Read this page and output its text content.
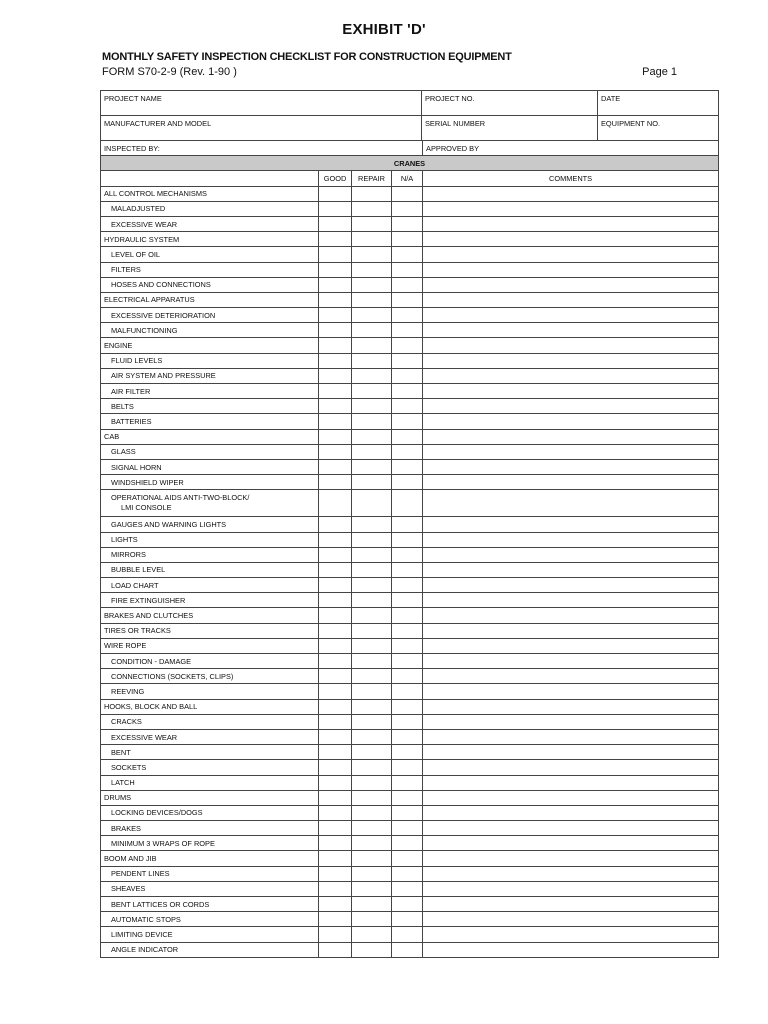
EXHIBIT 'D'
MONTHLY SAFETY INSPECTION CHECKLIST FOR CONSTRUCTION EQUIPMENT
FORM S70-2-9 (Rev. 1-90 )	Page 1
PROJECT NAME	PROJECT NO.	DATE
MANUFACTURER AND MODEL	SERIAL NUMBER	EQUIPMENT NO.
INSPECTED BY:				APPROVED BY
CRANES				
	GOOD	REPAIR	N/A	COMMENTS
ALL CONTROL MECHANISMS				
MALADJUSTED				
EXCESSIVE WEAR				
HYDRAULIC SYSTEM				
LEVEL OF OIL				
FILTERS				
HOSES AND CONNECTIONS				
ELECTRICAL APPARATUS				
EXCESSIVE DETERIORATION				
MALFUNCTIONING				
ENGINE				
FLUID LEVELS				
AIR SYSTEM AND PRESSURE				
AIR FILTER				
BELTS				
BATTERIES				
CAB				
GLASS				
SIGNAL HORN				
WINDSHIELD WIPER				

OPERATIONAL AIDS ANTI-TWO-BLOCK/
LMI CONSOLE				

GAUGES AND WARNING LIGHTS				
LIGHTS				
MIRRORS				
BUBBLE LEVEL				
LOAD CHART				
FIRE EXTINGUISHER				
BRAKES AND CLUTCHES				
TIRES OR TRACKS				
WIRE ROPE				
CONDITION - DAMAGE				
CONNECTIONS (SOCKETS, CLIPS)				
REEVING				
HOOKS, BLOCK AND BALL				
CRACKS				
EXCESSIVE WEAR				
BENT				
SOCKETS				
LATCH				
DRUMS				
LOCKING DEVICES/DOGS				
BRAKES				
MINIMUM 3 WRAPS OF ROPE				
BOOM AND JIB				
PENDENT LINES				
SHEAVES				
BENT LATTICES OR CORDS				
AUTOMATIC STOPS				
LIMITING DEVICE				
ANGLE INDICATOR				
